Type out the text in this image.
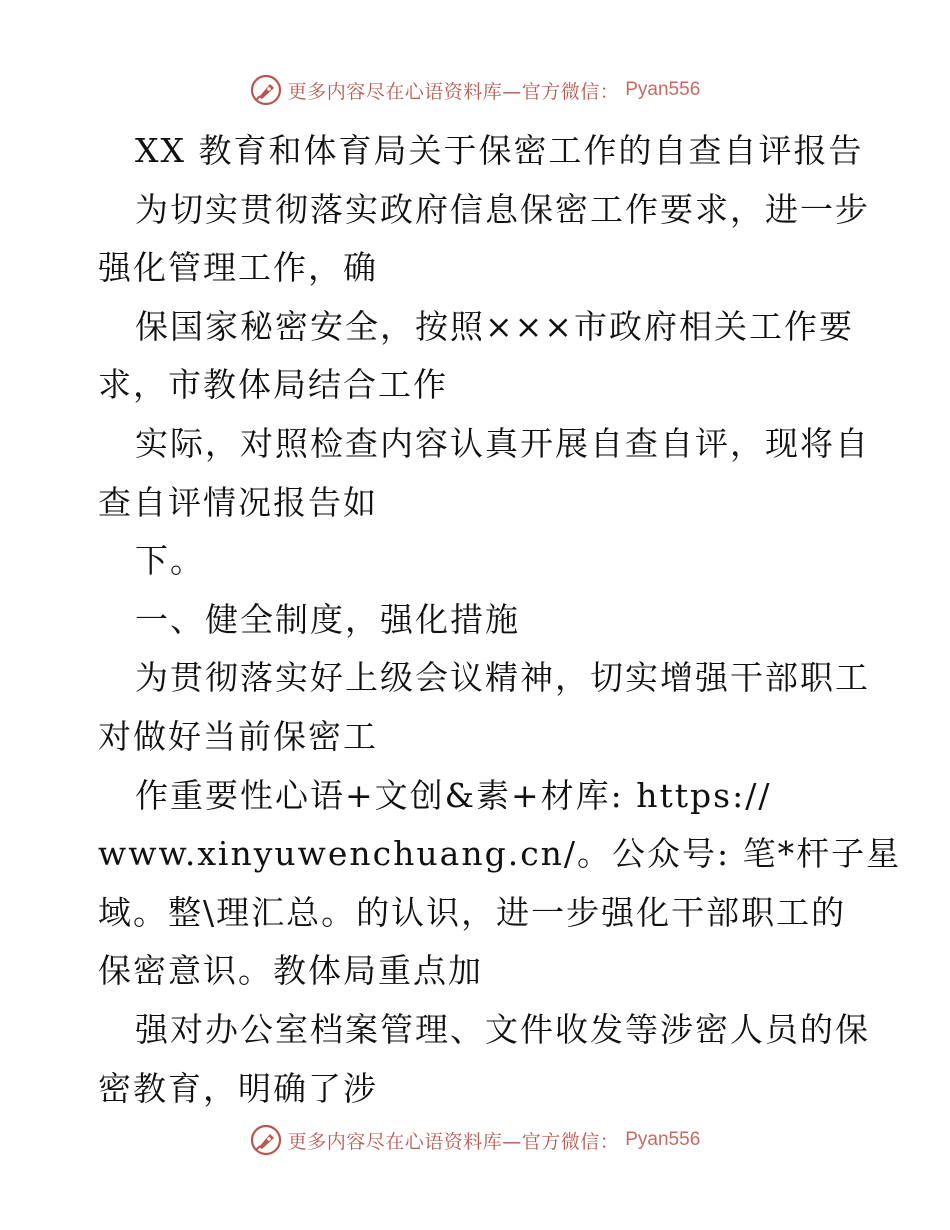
更多内容尽在心语资料库—官方微信： Pyan556
XX 教育和体育局关于保密工作的自查自评报告
为切实贯彻落实政府信息保密工作要求，进一步
强化管理工作，确
保国家秘密安全，按照×××市政府相关工作要
求，市教体局结合工作
实际，对照检查内容认真开展自查自评，现将自
查自评情况报告如
下。
一、健全制度，强化措施
为贯彻落实好上级会议精神，切实增强干部职工
对做好当前保密工
作重要性心语+文创&素+材库: https://
www.xinyuwenchuang.cn/。公众号: 笔*杆子星
域。整\理汇总。的认识，进一步强化干部职工的
保密意识。教体局重点加
强对办公室档案管理、文件收发等涉密人员的保
密教育，明确了涉
更多内容尽在心语资料库—官方微信： Pyan556
